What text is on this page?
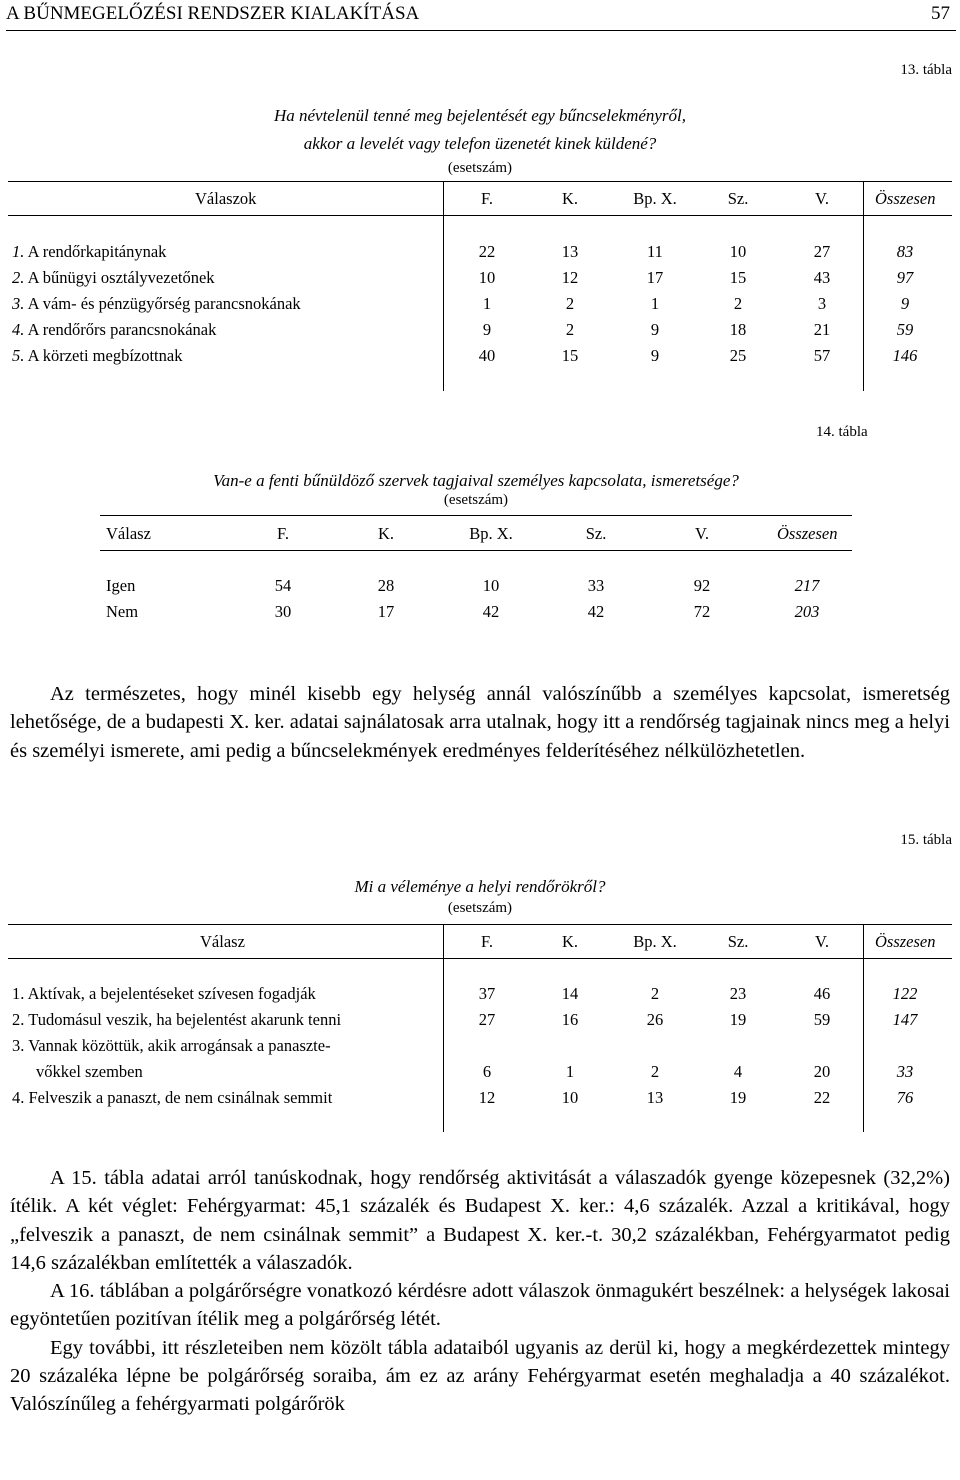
A BŰNMEGELŐZÉSI RENDSZER KIALAKÍTÁSA	57
13. tábla
Ha névtelenül tenné meg bejelentését egy bűncselekményről,
akkor a levelét vagy telefon üzenetét kinek küldené?
(esetszám)
Válaszok	F.	K.	Bp. X.	Sz.	V.	Összesen
1. A rendőrkapitánynak	22	13	11	10	27	83
2. A bűnügyi osztályvezetőnek	10	12	17	15	43	97
3. A vám- és pénzügyőrség parancsnokának	1	2	1	2	3	9
4. A rendőrőrs parancsnokának	9	2	9	18	21	59
5. A körzeti megbízottnak	40	15	9	25	57	146
14. tábla
Van-e a fenti bűnüldöző szervek tagjaival személyes kapcsolata, ismeretsége?
(esetszám)
Válasz	F.	K.	Bp. X.	Sz.	V.	Összesen
Igen	54	28	10	33	92	217
Nem	30	17	42	42	72	203

Az természetes, hogy minél kisebb egy helység annál valószínűbb a személyes kapcsolat, ismeretség lehetősége, de a budapesti X. ker. adatai sajnálatosak arra utalnak, hogy itt a rendőrség tagjainak nincs meg a helyi és személyi ismerete, ami pedig a bűncselekmények eredményes felderítéséhez nélkülözhetetlen.

15. tábla
Mi a véleménye a helyi rendőrökről?
(esetszám)
Válasz	F.	K.	Bp. X.	Sz.	V.	Összesen
1. Aktívak, a bejelentéseket szívesen fogadják	37	14	2	23	46	122
2. Tudomásul veszik, ha bejelentést akarunk tenni	27	16	26	19	59	147
3. Vannak közöttük, akik arrogánsak a panaszte-
vőkkel szemben	6	1	2	4	20	33
4. Felveszik a panaszt, de nem csinálnak semmit	12	10	13	19	22	76

A 15. tábla adatai arról tanúskodnak, hogy rendőrség aktivitását a válaszadók gyenge közepesnek (32,2%) ítélik. A két véglet: Fehérgyarmat: 45,1 százalék és Budapest X. ker.: 4,6 százalék. Azzal a kritikával, hogy „felveszik a panaszt, de nem csinálnak semmit” a Budapest X. ker.-t. 30,2 százalékban, Fehérgyarmatot pedig 14,6 százalékban említették a válaszadók.

A 16. táblában a polgárőrségre vonatkozó kérdésre adott válaszok önmagukért beszélnek: a helységek lakosai egyöntetűen pozitívan ítélik meg a polgárőrség létét.

Egy további, itt részleteiben nem közölt tábla adataiból ugyanis az derül ki, hogy a megkérdezettek mintegy 20 százaléka lépne be polgárőrség soraiba, ám ez az arány Fehérgyarmat esetén meghaladja a 40 százalékot. Valószínűleg a fehérgyarmati polgárőrök
